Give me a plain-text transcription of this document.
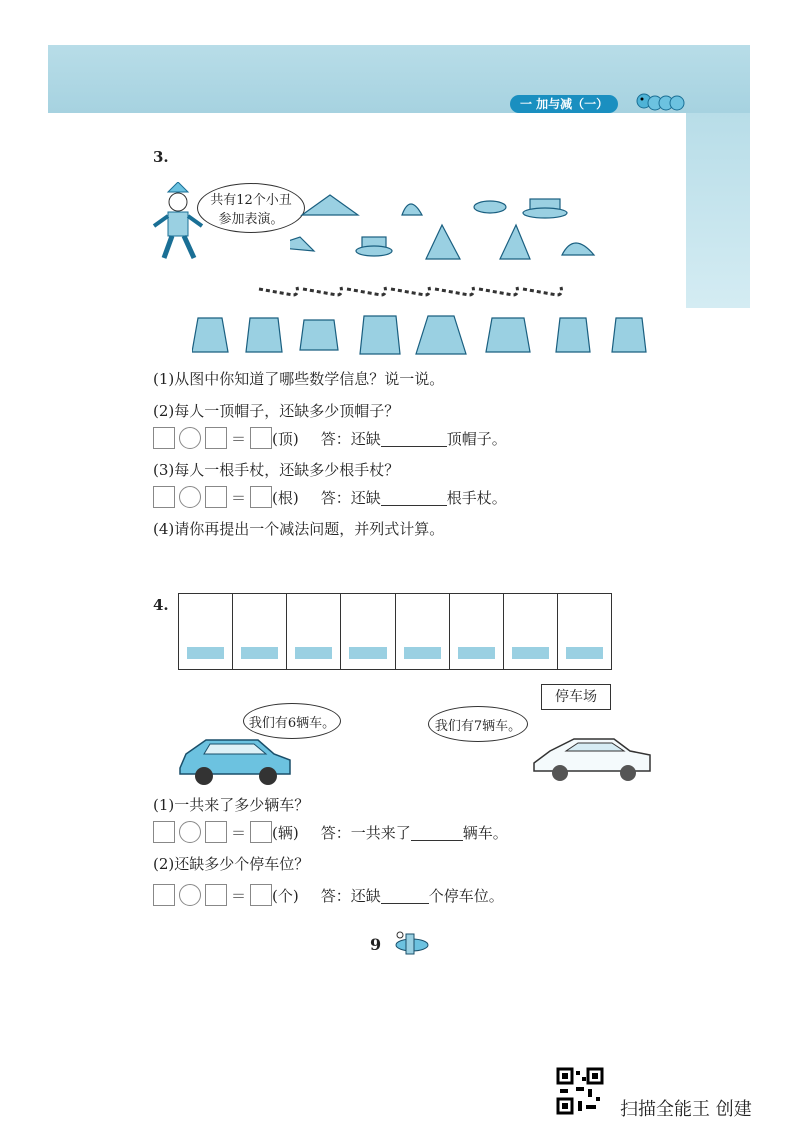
一 加与减（一）
3.
共有12个小丑参加表演。
(1)从图中你知道了哪些数学信息？说一说。
(2)每人一顶帽子，还缺多少顶帽子？
＝ (顶) 答：还缺	顶帽子。
(3)每人一根手杖，还缺多少根手杖？
＝ (根) 答：还缺	根手杖。
(4)请你再提出一个减法问题，并列式计算。
4.
停车场
我们有6辆车。	我们有7辆车。
(1)一共来了多少辆车？
＝ (辆) 答：一共来了	辆车。
(2)还缺多少个停车位？
＝ (个) 答：还缺	个停车位。
9
扫描全能王 创建
